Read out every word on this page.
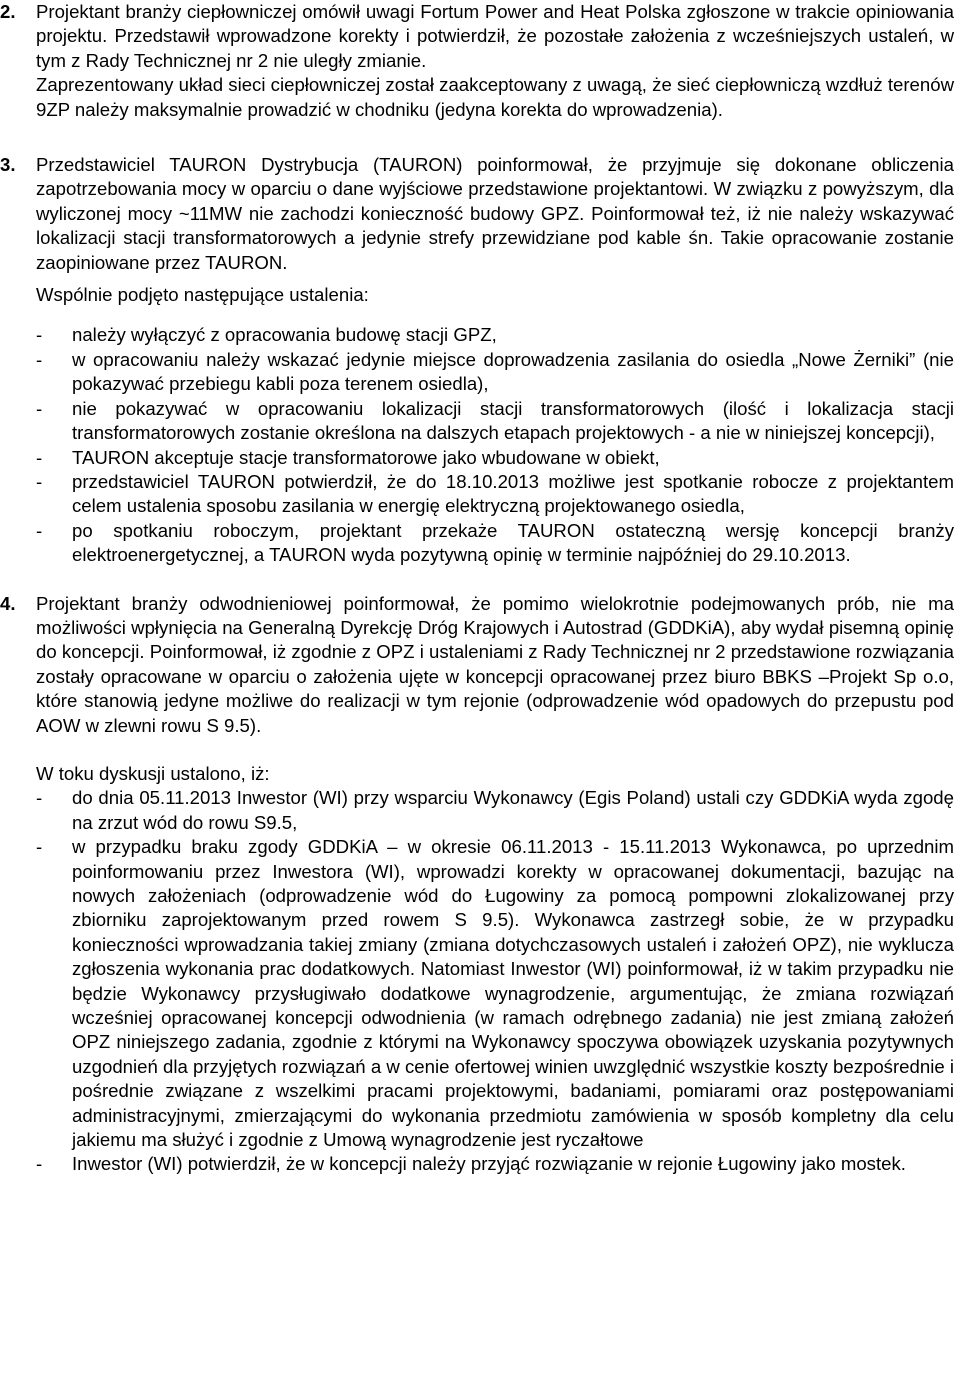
2. Projektant branży ciepłowniczej omówił uwagi Fortum Power and Heat Polska zgłoszone w trakcie opiniowania projektu. Przedstawił wprowadzone korekty i potwierdził, że pozostałe założenia z wcześniejszych ustaleń, w tym z Rady Technicznej nr 2 nie uległy zmianie.

Zaprezentowany układ sieci ciepłowniczej został zaakceptowany z uwagą, że sieć ciepłowniczą wzdłuż terenów 9ZP należy maksymalnie prowadzić w chodniku (jedyna korekta do wprowadzenia).

3. Przedstawiciel TAURON Dystrybucja (TAURON) poinformował, że przyjmuje się dokonane obliczenia zapotrzebowania mocy w oparciu o dane wyjściowe przedstawione projektantowi. W związku z powyższym, dla wyliczonej mocy ~11MW nie zachodzi konieczność budowy GPZ. Poinformował też, iż nie należy wskazywać lokalizacji stacji transformatorowych a jedynie strefy przewidziane pod kable śn. Takie opracowanie zostanie zaopiniowane przez TAURON.

Wspólnie podjęto następujące ustalenia:

- należy wyłączyć z opracowania budowę stacji GPZ,
- w opracowaniu należy wskazać jedynie miejsce doprowadzenia zasilania do osiedla „Nowe Żerniki” (nie pokazywać przebiegu kabli poza terenem osiedla),
- nie pokazywać w opracowaniu lokalizacji stacji transformatorowych (ilość i lokalizacja stacji transformatorowych zostanie określona na dalszych etapach projektowych - a nie w niniejszej koncepcji),
- TAURON akceptuje stacje transformatorowe jako wbudowane w obiekt,
- przedstawiciel TAURON potwierdził, że do 18.10.2013 możliwe jest spotkanie robocze z projektantem celem ustalenia sposobu zasilania w energię elektryczną projektowanego osiedla,
- po spotkaniu roboczym, projektant przekaże TAURON ostateczną wersję koncepcji branży elektroenergetycznej, a TAURON wyda pozytywną opinię w terminie najpóźniej do 29.10.2013.
4. Projektant branży odwodnieniowej poinformował, że pomimo wielokrotnie podejmowanych prób, nie ma możliwości wpłynięcia na Generalną Dyrekcję Dróg Krajowych i Autostrad (GDDKiA), aby wydał pisemną opinię do koncepcji. Poinformował, iż zgodnie z OPZ i ustaleniami z Rady Technicznej nr 2 przedstawione rozwiązania zostały opracowane w oparciu o założenia ujęte w koncepcji opracowanej przez biuro BBKS –Projekt Sp o.o, które stanowią jedyne możliwe do realizacji w tym rejonie (odprowadzenie wód opadowych do przepustu pod AOW w zlewni rowu S 9.5).

W toku dyskusji ustalono, iż:

- do dnia 05.11.2013 Inwestor (WI) przy wsparciu Wykonawcy (Egis Poland) ustali czy GDDKiA wyda zgodę na zrzut wód do rowu S9.5,
- w przypadku braku zgody GDDKiA – w okresie 06.11.2013 - 15.11.2013 Wykonawca, po uprzednim poinformowaniu przez Inwestora (WI), wprowadzi korekty w opracowanej dokumentacji, bazując na nowych założeniach (odprowadzenie wód do Ługowiny za pomocą pompowni zlokalizowanej przy zbiorniku zaprojektowanym przed rowem S 9.5). Wykonawca zastrzegł sobie, że w przypadku konieczności wprowadzania takiej zmiany (zmiana dotychczasowych ustaleń i założeń OPZ), nie wyklucza zgłoszenia wykonania prac dodatkowych. Natomiast Inwestor (WI) poinformował, iż w takim przypadku nie będzie Wykonawcy przysługiwało dodatkowe wynagrodzenie, argumentując, że zmiana rozwiązań wcześniej opracowanej koncepcji odwodnienia (w ramach odrębnego zadania) nie jest zmianą założeń OPZ niniejszego zadania, zgodnie z którymi na Wykonawcy spoczywa obowiązek uzyskania pozytywnych uzgodnień dla przyjętych rozwiązań a w cenie ofertowej winien uwzględnić wszystkie koszty bezpośrednie i pośrednie związane z wszelkimi pracami projektowymi, badaniami, pomiarami oraz postępowaniami administracyjnymi, zmierzającymi do wykonania przedmiotu zamówienia w sposób kompletny dla celu jakiemu ma służyć i zgodnie z Umową wynagrodzenie jest ryczałtowe
- Inwestor (WI) potwierdził, że w koncepcji należy przyjąć rozwiązanie w rejonie Ługowiny jako mostek.
